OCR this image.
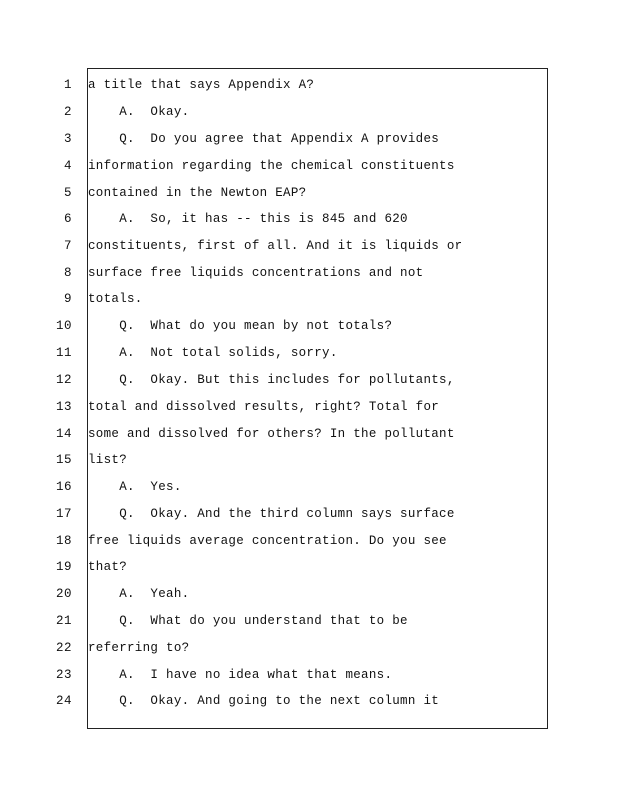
1 a title that says Appendix A?
2 A.  Okay.
3 Q.  Do you agree that Appendix A provides
4 information regarding the chemical constituents
5 contained in the Newton EAP?
6 A.  So, it has -- this is 845 and 620
7 constituents, first of all. And it is liquids or
8 surface free liquids concentrations and not
9 totals.
10 Q.  What do you mean by not totals?
11 A.  Not total solids, sorry.
12 Q.  Okay. But this includes for pollutants,
13 total and dissolved results, right? Total for
14 some and dissolved for others? In the pollutant
15 list?
16 A.  Yes.
17 Q.  Okay. And the third column says surface
18 free liquids average concentration. Do you see
19 that?
20 A.  Yeah.
21 Q.  What do you understand that to be
22 referring to?
23 A.  I have no idea what that means.
24 Q.  Okay. And going to the next column it
